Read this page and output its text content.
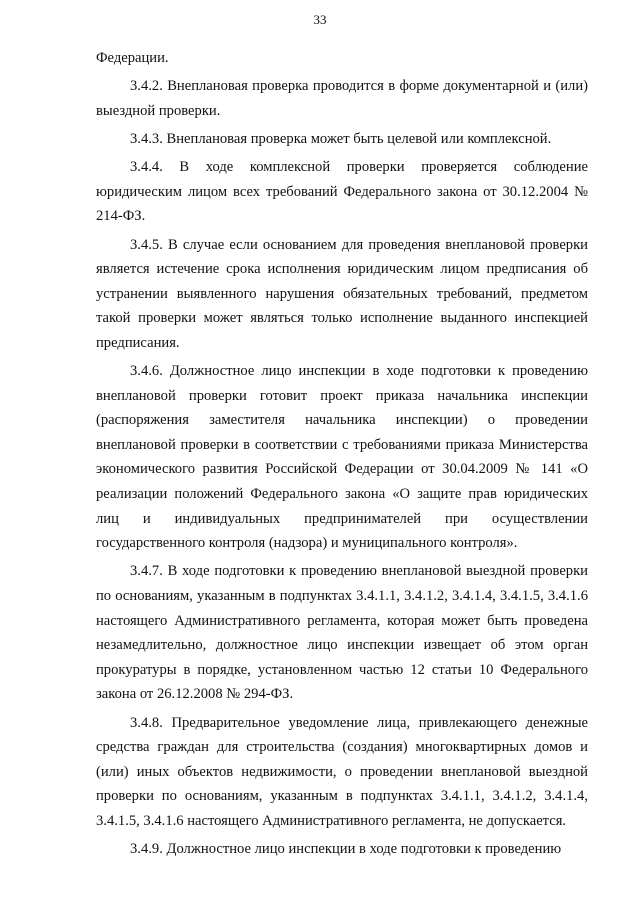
33

Федерации.

3.4.2. Внеплановая проверка проводится в форме документарной и (или) выездной проверки.

3.4.3. Внеплановая проверка может быть целевой или комплексной.

3.4.4. В ходе комплексной проверки проверяется соблюдение юридическим лицом всех требований Федерального закона от 30.12.2004 № 214-ФЗ.

3.4.5. В случае если основанием для проведения внеплановой проверки является истечение срока исполнения юридическим лицом предписания об устранении выявленного нарушения обязательных требований, предметом такой проверки может являться только исполнение выданного инспекцией предписания.

3.4.6. Должностное лицо инспекции в ходе подготовки к проведению внеплановой проверки готовит проект приказа начальника инспекции (распоряжения заместителя начальника инспекции) о проведении внеплановой проверки в соответствии с требованиями приказа Министерства экономического развития Российской Федерации от 30.04.2009 № 141 «О реализации положений Федерального закона «О защите прав юридических лиц и индивидуальных предпринимателей при осуществлении государственного контроля (надзора) и муниципального контроля».

3.4.7. В ходе подготовки к проведению внеплановой выездной проверки по основаниям, указанным в подпунктах 3.4.1.1, 3.4.1.2, 3.4.1.4, 3.4.1.5, 3.4.1.6 настоящего Административного регламента, которая может быть проведена незамедлительно, должностное лицо инспекции извещает об этом орган прокуратуры в порядке, установленном частью 12 статьи 10 Федерального закона от 26.12.2008 № 294-ФЗ.

3.4.8. Предварительное уведомление лица, привлекающего денежные средства граждан для строительства (создания) многоквартирных домов и (или) иных объектов недвижимости, о проведении внеплановой выездной проверки по основаниям, указанным в подпунктах 3.4.1.1, 3.4.1.2, 3.4.1.4, 3.4.1.5, 3.4.1.6 настоящего Административного регламента, не допускается.

3.4.9. Должностное лицо инспекции в ходе подготовки к проведению
